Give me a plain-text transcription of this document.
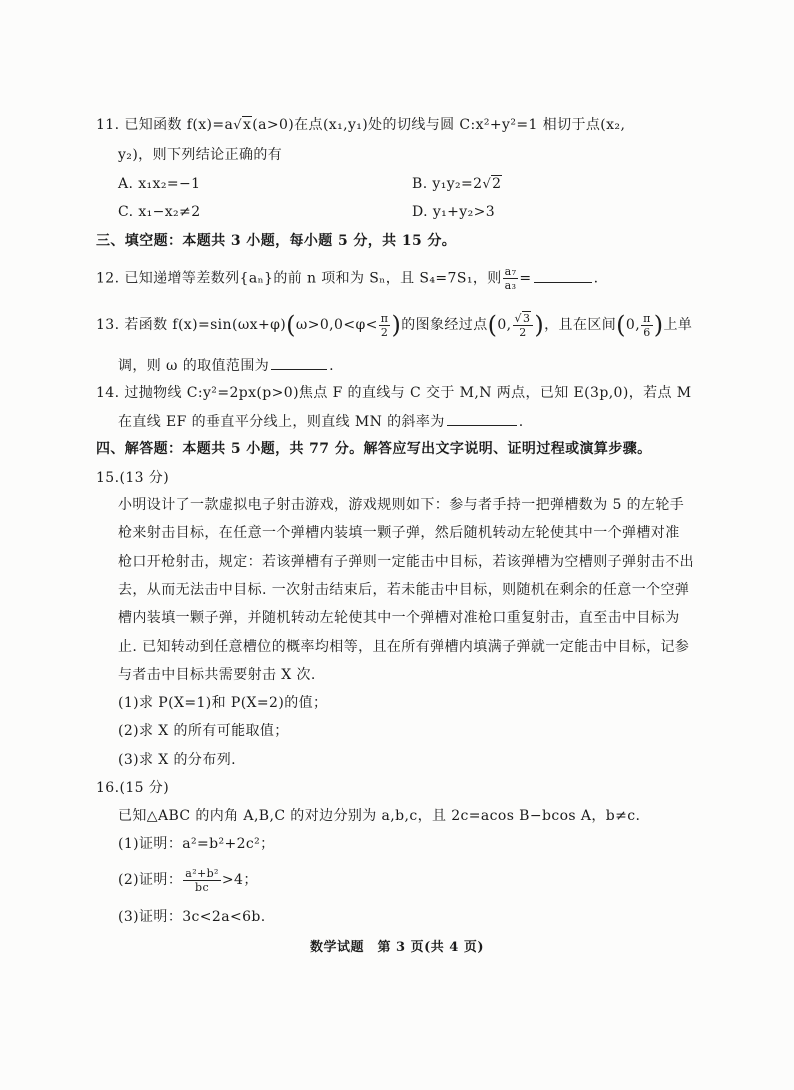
11. 已知函数 f(x)=a√x(a>0)在点(x₁,y₁)处的切线与圆 C:x²+y²=1 相切于点(x₂,
y₂)，则下列结论正确的有
A. x₁x₂=−1	B. y₁y₂=2√2
C. x₁−x₂≠2	D. y₁+y₂>3
三、填空题：本题共 3 小题，每小题 5 分，共 15 分。
12. 已知递增等差数列{aₙ}的前 n 项和为 Sₙ，且 S₄=7S₁，则 $\frac{\text{a₇}}{\text{a₃}}$ =	.
13. 若函数 $f(x)=\sin(\omega x+\varphi)(\omega>0,0<\varphi< \frac{\pi}{2}$ )的图象经过点(0, $\frac{√3}{2}$ )，且在区间(0, $\frac{\pi}{6}$ )上单
调，则 ω 的取值范围为	.
14. 过抛物线 C:y²=2px(p>0)焦点 F 的直线与 C 交于 M,N 两点，已知 E(3p,0)，若点 M
在直线 EF 的垂直平分线上，则直线 MN 的斜率为	.
四、解答题：本题共 5 小题，共 77 分。解答应写出文字说明、证明过程或演算步骤。
15.(13 分)
小明设计了一款虚拟电子射击游戏，游戏规则如下：参与者手持一把弹槽数为 5 的左轮手
枪来射击目标，在任意一个弹槽内装填一颗子弹，然后随机转动左轮使其中一个弹槽对准
枪口开枪射击，规定：若该弹槽有子弹则一定能击中目标，若该弹槽为空槽则子弹射击不出
去，从而无法击中目标. 一次射击结束后，若未能击中目标，则随机在剩余的任意一个空弹
槽内装填一颗子弹，并随机转动左轮使其中一个弹槽对准枪口重复射击，直至击中目标为
止. 已知转动到任意槽位的概率均相等，且在所有弹槽内填满子弹就一定能击中目标，记参
与者击中目标共需要射击 X 次.
(1)求 P(X=1)和 P(X=2)的值；
(2)求 X 的所有可能取值；
(3)求 X 的分布列.
16.(15 分)
已知△ABC 的内角 A,B,C 的对边分别为 a,b,c，且 2c=acos B−bcos A，b≠c.
(1)证明：a²=b²+2c²；
(2)证明： $\frac{\text{a²+b²}}{bc} >4$；
(3)证明：3c<2a<6b.
数学试题　第 3 页(共 4 页)
